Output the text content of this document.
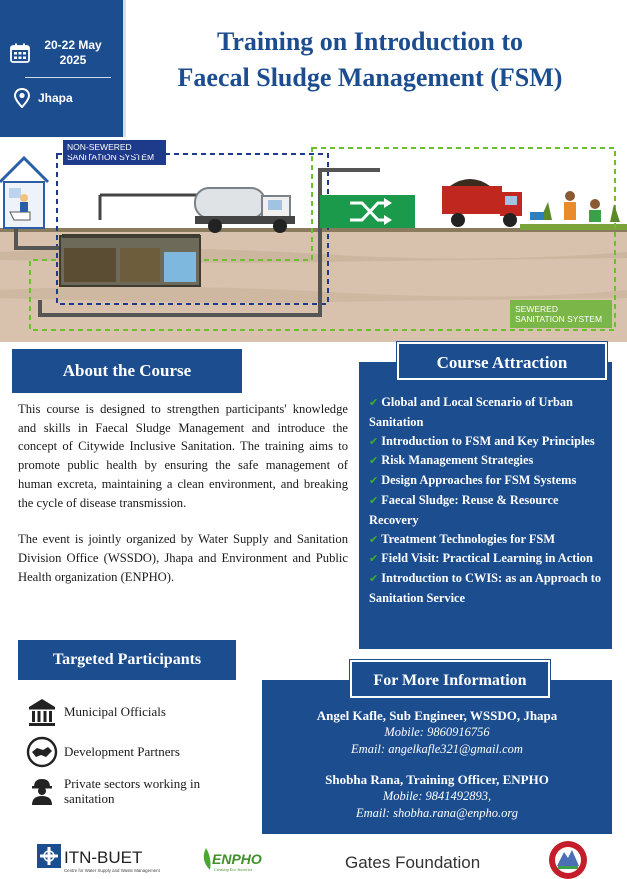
20-22 May 2025
Jhapa
Training on Introduction to
Faecal Sludge Management (FSM)
NON-SEWERED
SANITATION SYSTEM
SEWERED
SANITATION SYSTEM
About the Course

This course is designed to strengthen participants' knowledge and skills in Faecal Sludge Management and introduce the concept of Citywide Inclusive Sanitation. The training aims to promote public health by ensuring the safe management of human excreta, maintaining a clean environment, and breaking the cycle of disease transmission.

The event is jointly organized by Water Supply and Sanitation Division Office (WSSDO), Jhapa and Environment and Public Health organization (ENPHO).

✔ Global and Local Scenario of Urban Sanitation
✔ Introduction to FSM and Key Principles
✔ Risk Management Strategies
✔ Design Approaches for FSM Systems
✔ Faecal Sludge: Reuse & Resource Recovery
✔ Treatment Technologies for FSM
✔ Field Visit: Practical Learning in Action
✔ Introduction to CWIS: as an Approach to Sanitation Service
Course Attraction
Targeted Participants
Municipal Officials
Development Partners
Private sectors working in sanitation
Angel Kafle, Sub Engineer, WSSDO, Jhapa
Mobile: 9860916756
Email: angelkafle321@gmail.com
Shobha Rana, Training Officer, ENPHO
Mobile: 9841492893,
Email: shobha.rana@enpho.org
For More Information
ITN-BUET
Centre for Water Supply and Waste Management
ENPHO
Creating Eco Societies	Gates Foundation
